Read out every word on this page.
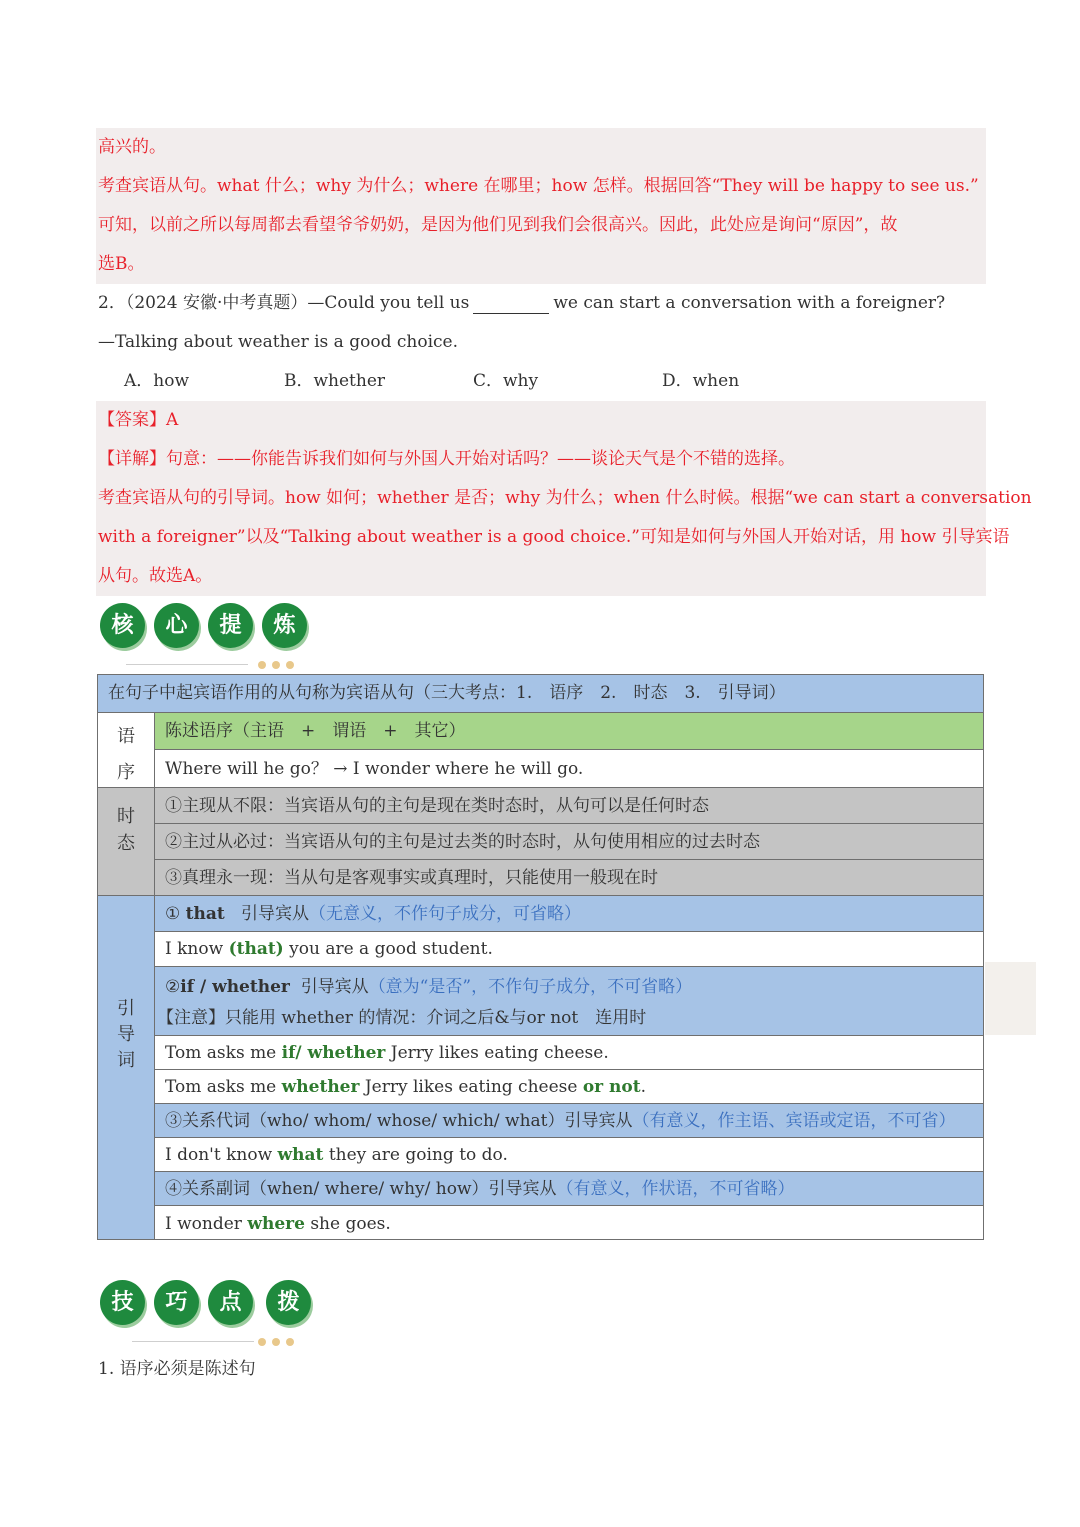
高兴的。
考查宾语从句。what 什么；why 为什么；where 在哪里；how 怎样。根据回答“They will be happy to see us.”
可知，以前之所以每周都去看望爷爷奶奶，是因为他们见到我们会很高兴。因此，此处应是询问“原因”，故
选B。
2．（2024 安徽·中考真题）—Could you tell us	we can start a conversation with a foreigner?
—Talking about weather is a good choice.
A．how	B．whether	C．why	D．when
【答案】A
【详解】句意：——你能告诉我们如何与外国人开始对话吗？——谈论天气是个不错的选择。
考查宾语从句的引导词。how 如何；whether 是否；why 为什么；when 什么时候。根据“we can start a conversation
with a foreigner”以及“Talking about weather is a good choice.”可知是如何与外国人开始对话，用 how 引导宾语
从句。故选A。
核	心	提	炼
在句子中起宾语作用的从句称为宾语从句（三大考点：1.　语序　2.　时态　3.　引导词）
语
序
陈述语序（主语　+　谓语　+　其它）
Where will he go？ → I wonder where he will go.
时
态
①主现从不限：当宾语从句的主句是现在类时态时，从句可以是任何时态
②主过从必过：当宾语从句的主句是过去类的时态时，从句使用相应的过去时态
③真理永一现：当从句是客观事实或真理时，只能使用一般现在时
引
导
词
① that 引导宾从（无意义，不作句子成分，可省略）
I know (that) you are a good student.
②if / whether 引导宾从（意为“是否”，不作句子成分，不可省略）
【注意】只能用 whether 的情况：介词之后&与or not　连用时
Tom asks me if/ whether Jerry likes eating cheese.
Tom asks me whether Jerry likes eating cheese or not.
③关系代词（who/ whom/ whose/ which/ what）引导宾从（有意义，作主语、宾语或定语，不可省）
I don't know what they are going to do.
④关系副词（when/ where/ why/ how）引导宾从（有意义，作状语，不可省略）
I wonder where she goes.
技	巧	点	拨
1. 语序必须是陈述句
